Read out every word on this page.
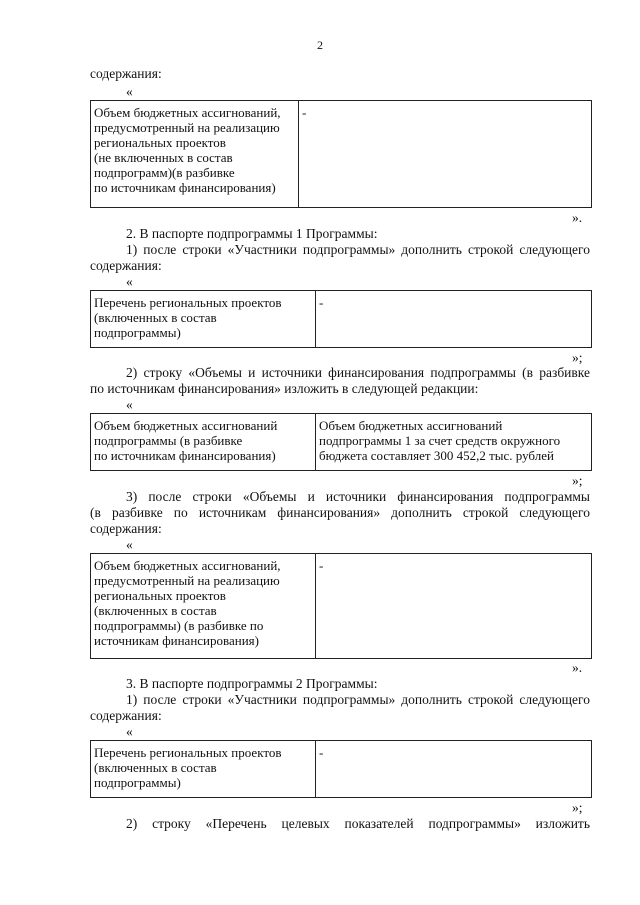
2
содержания:
«
Объем бюджетных ассигнований,
предусмотренный на реализацию
региональных проектов
(не включенных в состав
подпрограмм)(в разбивке
по источникам финансирования)
-
».
2. В паспорте подпрограммы 1 Программы:
1) после строки «Участники подпрограммы» дополнить строкой следующего
содержания:
«
Перечень региональных проектов
(включенных в состав
подпрограммы)
-
»;
2) строку «Объемы и источники финансирования подпрограммы (в разбивке
по источникам финансирования» изложить в следующей редакции:
«
Объем бюджетных ассигнований
подпрограммы (в разбивке
по источникам финансирования)
Объем бюджетных ассигнований
подпрограммы 1 за счет средств окружного
бюджета составляет 300 452,2 тыс. рублей
»;
3) после строки «Объемы и источники финансирования подпрограммы
(в разбивке по источникам финансирования» дополнить строкой следующего
содержания:
«
Объем бюджетных ассигнований,
предусмотренный на реализацию
региональных проектов
(включенных в состав
подпрограммы) (в разбивке по
источникам финансирования)
-
».
3. В паспорте подпрограммы 2 Программы:
1) после строки «Участники подпрограммы» дополнить строкой следующего
содержания:
«
Перечень региональных проектов
(включенных в состав
подпрограммы)
-
»;
2) строку «Перечень целевых показателей подпрограммы» изложить
